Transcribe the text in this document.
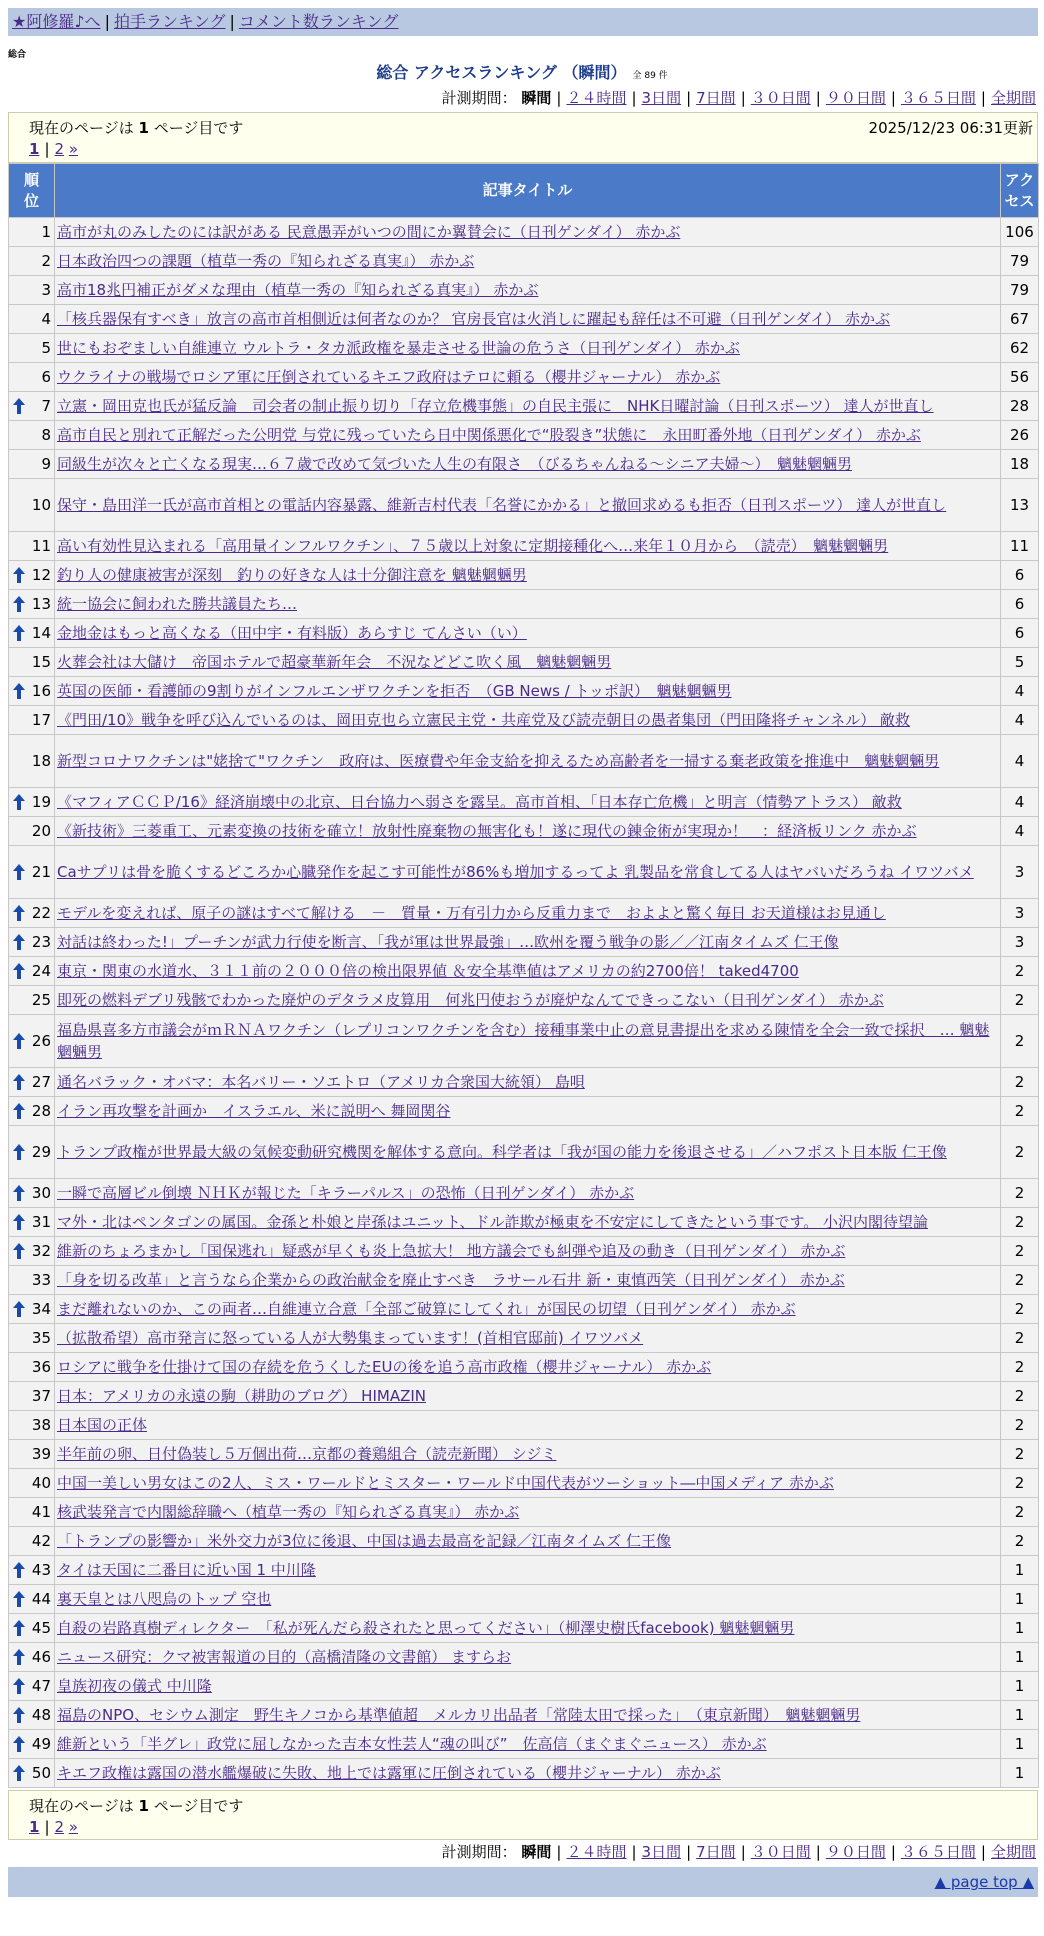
★阿修羅♪へ | 拍手ランキング | コメント数ランキング
総合
総合 アクセスランキング （瞬間） 全 89 件
計測期間： 瞬間 | ２４時間 | 3日間 | 7日間 | ３０日間 | ９０日間 | ３６５日間 | 全期間
現在のページは 1 ページ目です	2025/12/23 06:31更新
1 | 2 »
順位	記事タイトル	アクセス
1	高市が丸のみしたのには訳がある 民意愚弄がいつの間にか翼賛会に（日刊ゲンダイ） 赤かぶ	106
2	日本政治四つの課題（植草一秀の『知られざる真実』） 赤かぶ	79
3	高市18兆円補正がダメな理由（植草一秀の『知られざる真実』） 赤かぶ	79
4	「核兵器保有すべき」放言の高市首相側近は何者なのか？ 官房長官は火消しに躍起も辞任は不可避（日刊ゲンダイ） 赤かぶ	67
5	世にもおぞましい自維連立 ウルトラ・タカ派政権を暴走させる世論の危うさ（日刊ゲンダイ） 赤かぶ	62
6	ウクライナの戦場でロシア軍に圧倒されているキエフ政府はテロに頼る（櫻井ジャーナル） 赤かぶ	56

7	立憲・岡田克也氏が猛反論　司会者の制止振り切り「存立危機事態」の自民主張に　NHK日曜討論（日刊スポーツ） 達人が世直し	28
8	高市自民と別れて正解だった公明党 与党に残っていたら日中関係悪化で“股裂き”状態に　永田町番外地（日刊ゲンダイ） 赤かぶ	26
9	同級生が次々と亡くなる現実…６７歳で改めて気づいた人生の有限さ　（びるちゃんねる〜シニア夫婦〜）　魑魅魍魎男	18
10	保守・島田洋一氏が高市首相との電話内容暴露、維新吉村代表「名誉にかかる」と撤回求めるも拒否（日刊スポーツ） 達人が世直し	13
11	高い有効性見込まれる「高用量インフルワクチン」、７５歳以上対象に定期接種化へ…来年１０月から　（読売）　魑魅魍魎男	11

12	釣り人の健康被害が深刻　釣りの好きな人は十分御注意を 魑魅魍魎男	6

13	統一協会に飼われた勝共議員たち…	6

14	金地金はもっと高くなる（田中宇・有料版）あらすじ てんさい（い）	6
15	火葬会社は大儲け　帝国ホテルで超豪華新年会　不況などどこ吹く風　魑魅魍魎男	5

16	英国の医師・看護師の9割りがインフルエンザワクチンを拒否　（GB News / トッポ訳）　魑魅魍魎男	4
17	《門田/10》戦争を呼び込んでいるのは、岡田克也ら立憲民主党・共産党及び読売朝日の愚者集団（門田隆将チャンネル） 敵救	4
18	新型コロナワクチンは"姥捨て"ワクチン　政府は、医療費や年金支給を抑えるため高齢者を一掃する棄老政策を推進中　魑魅魍魎男	4

19	《マフィアＣＣＰ/16》経済崩壊中の北京、日台協力へ弱さを露呈。高市首相、「日本存亡危機」と明言（情勢アトラス） 敵救	4
20	《新技術》三菱重工、元素変換の技術を確立！放射性廃棄物の無害化も！遂に現代の錬金術が実現か！　：経済板リンク 赤かぶ	4

21	Caサプリは骨を脆くするどころか心臓発作を起こす可能性が86%も増加するってよ 乳製品を常食してる人はヤバいだろうね イワツバメ	3

22	モデルを変えれば、原子の謎はすべて解ける　－　質量・万有引力から反重力まで　およよと驚く毎日 お天道様はお見通し	3

23	対話は終わった!」プーチンが武力行使を断言、「我が軍は世界最強」…欧州を覆う戦争の影／／江南タイムズ 仁王像	3

24	東京・関東の水道水、３１１前の２０００倍の検出限界値 ＆安全基準値はアメリカの約2700倍！ taked4700	2
25	即死の燃料デブリ残骸でわかった廃炉のデタラメ皮算用　何兆円使おうが廃炉なんてできっこない（日刊ゲンダイ） 赤かぶ	2

26	福島県喜多方市議会がｍＲＮＡワクチン（レプリコンワクチンを含む）接種事業中止の意見書提出を求める陳情を全会一致で採択　… 魑魅魍魎男	2

27	通名バラック・オバマ：本名バリー・ソエトロ（アメリカ合衆国大統領） 島唄	2

28	イラン再攻撃を計画か　イスラエル、米に説明へ 舞岡関谷	2

29	トランプ政権が世界最大級の気候変動研究機関を解体する意向。科学者は「我が国の能力を後退させる」／ハフポスト日本版 仁王像	2

30	一瞬で高層ビル倒壊 ＮＨＫが報じた「キラーパルス」の恐怖（日刊ゲンダイ） 赤かぶ	2

31	マ外・北はペンタゴンの属国。金孫と朴娘と岸孫はユニット、ドル詐欺が極東を不安定にしてきたという事です。 小沢内閣待望論	2

32	維新のちょろまかし「国保逃れ」疑惑が早くも炎上急拡大！ 地方議会でも糾弾や追及の動き（日刊ゲンダイ） 赤かぶ	2
33	「身を切る改革」と言うなら企業からの政治献金を廃止すべき　ラサール石井 新・東慎西笑（日刊ゲンダイ） 赤かぶ	2

34	まだ離れないのか、この両者…自維連立合意「全部ご破算にしてくれ」が国民の切望（日刊ゲンダイ） 赤かぶ	2
35	（拡散希望）高市発言に怒っている人が大勢集まっています！(首相官邸前) イワツバメ	2
36	ロシアに戦争を仕掛けて国の存続を危うくしたEUの後を追う高市政権（櫻井ジャーナル） 赤かぶ	2
37	日本：アメリカの永遠の駒（耕助のブログ） HIMAZIN	2
38	日本国の正体	2
39	半年前の卵、日付偽装し５万個出荷…京都の養鶏組合（読売新聞） シジミ	2
40	中国一美しい男女はこの2人、ミス・ワールドとミスター・ワールド中国代表がツーショット―中国メディア 赤かぶ	2
41	核武装発言で内閣総辞職へ（植草一秀の『知られざる真実』） 赤かぶ	2
42	「トランプの影響か」米外交力が3位に後退、中国は過去最高を記録／江南タイムズ 仁王像	2

43	タイは天国に二番目に近い国 1 中川隆	1

44	裏天皇とは八咫烏のトップ 空也	1

45	自殺の岩路真樹ディレクター　「私が死んだら殺されたと思ってください」（柳澤史樹氏facebook) 魑魅魍魎男	1

46	ニュース研究：クマ被害報道の目的（高橋清隆の文書館） ますらお	1

47	皇族初夜の儀式 中川隆	1

48	福島のNPO、セシウム測定　野生キノコから基準値超　メルカリ出品者「常陸太田で採った」　（東京新聞）　魑魅魍魎男	1

49	維新という「半グレ」政党に屈しなかった吉本女性芸人“魂の叫び”　佐高信（まぐまぐニュース） 赤かぶ	1

50	キエフ政権は露国の潜水艦爆破に失敗、地上では露軍に圧倒されている（櫻井ジャーナル） 赤かぶ	1
現在のページは 1 ページ目です
1 | 2 »
計測期間： 瞬間 | ２４時間 | 3日間 | 7日間 | ３０日間 | ９０日間 | ３６５日間 | 全期間
▲ page top ▲
